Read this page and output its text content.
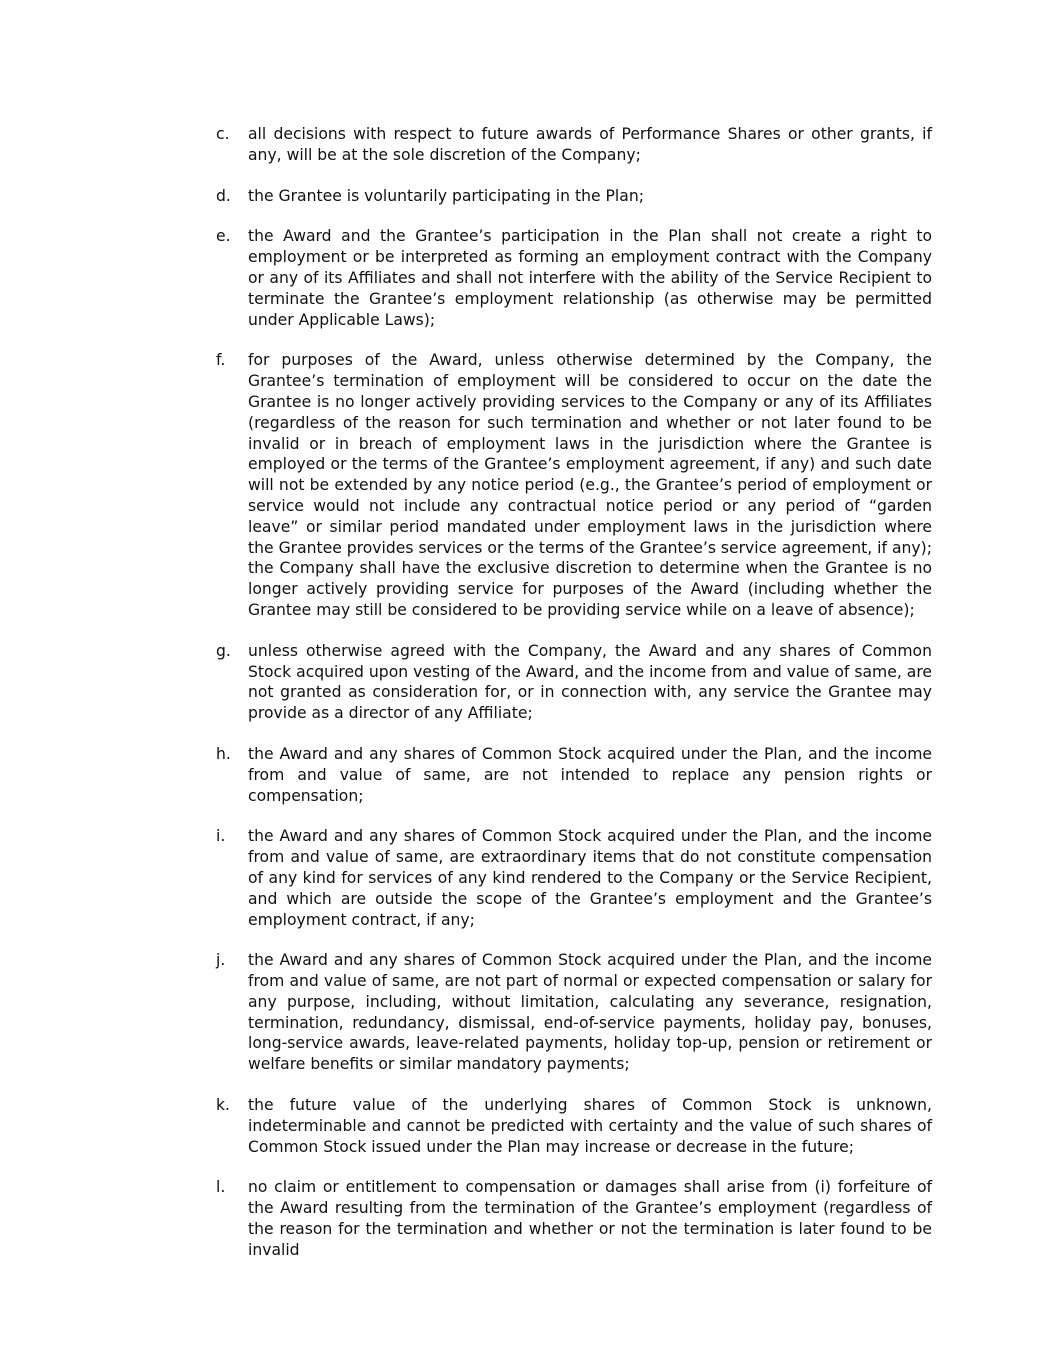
c.	all decisions with respect to future awards of Performance Shares or other grants, if any, will be at the sole discretion of the Company;
d.	the Grantee is voluntarily participating in the Plan;
e.	the Award and the Grantee’s participation in the Plan shall not create a right to employment or be interpreted as forming an employment contract with the Company or any of its Affiliates and shall not interfere with the ability of the Service Recipient to terminate the Grantee’s employment relationship (as otherwise may be permitted under Applicable Laws);
f.	for purposes of the Award, unless otherwise determined by the Company, the Grantee’s termination of employment will be considered to occur on the date the Grantee is no longer actively providing services to the Company or any of its Affiliates (regardless of the reason for such termination and whether or not later found to be invalid or in breach of employment laws in the jurisdiction where the Grantee is employed or the terms of the Grantee’s employment agreement, if any) and such date will not be extended by any notice period (e.g., the Grantee’s period of employment or service would not include any contractual notice period or any period of “garden leave” or similar period mandated under employment laws in the jurisdiction where the Grantee provides services or the terms of the Grantee’s service agreement, if any); the Company shall have the exclusive discretion to determine when the Grantee is no longer actively providing service for purposes of the Award (including whether the Grantee may still be considered to be providing service while on a leave of absence);
g.	unless otherwise agreed with the Company, the Award and any shares of Common Stock acquired upon vesting of the Award, and the income from and value of same, are not granted as consideration for, or in connection with, any service the Grantee may provide as a director of any Affiliate;
h.	the Award and any shares of Common Stock acquired under the Plan, and the income from and value of same, are not intended to replace any pension rights or compensation;
i.	the Award and any shares of Common Stock acquired under the Plan, and the income from and value of same, are extraordinary items that do not constitute compensation of any kind for services of any kind rendered to the Company or the Service Recipient, and which are outside the scope of the Grantee’s employment and the Grantee’s employment contract, if any;
j.	the Award and any shares of Common Stock acquired under the Plan, and the income from and value of same, are not part of normal or expected compensation or salary for any purpose, including, without limitation, calculating any severance, resignation, termination, redundancy, dismissal, end-of-service payments, holiday pay, bonuses, long-service awards, leave-related payments, holiday top-up, pension or retirement or welfare benefits or similar mandatory payments;
k.	the future value of the underlying shares of Common Stock is unknown, indeterminable and cannot be predicted with certainty and the value of such shares of Common Stock issued under the Plan may increase or decrease in the future;
l.	no claim or entitlement to compensation or damages shall arise from (i) forfeiture of the Award resulting from the termination of the Grantee’s employment (regardless of the reason for the termination and whether or not the termination is later found to be invalid
